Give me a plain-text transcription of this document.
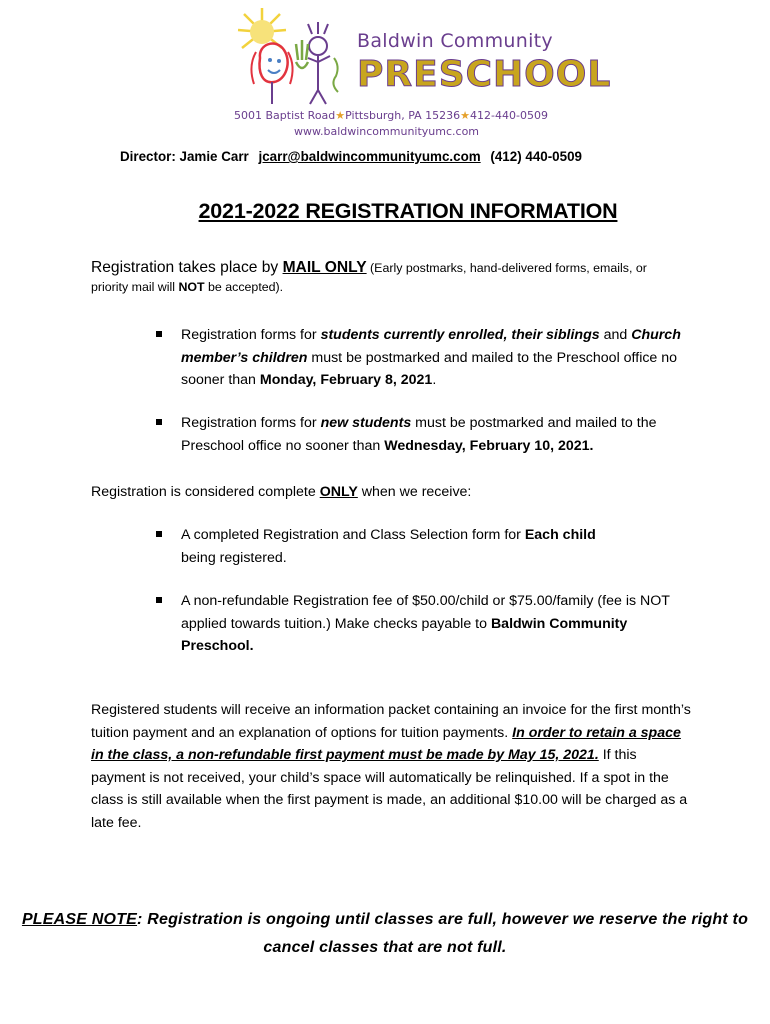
Baldwin Community
PRESCHOOL
5001 Baptist Road★Pittsburgh, PA 15236★412-440-0509
www.baldwincommunityumc.com
Director: Jamie Carr jcarr@baldwincommunityumc.com (412) 440-0509
2021-2022 REGISTRATION INFORMATION
Registration takes place by MAIL ONLY (Early postmarks, hand-delivered forms, emails, or
priority mail will NOT be accepted).
Registration forms for students currently enrolled, their siblings and Church member’s children must be postmarked and mailed to the Preschool office no sooner than Monday, February 8, 2021.
Registration forms for new students must be postmarked and mailed to the Preschool office no sooner than Wednesday, February 10, 2021.
Registration is considered complete ONLY when we receive:
A completed Registration and Class Selection form for Each child being registered.
A non-refundable Registration fee of $50.00/child or $75.00/family (fee is NOT applied towards tuition.) Make checks payable to Baldwin Community Preschool.
Registered students will receive an information packet containing an invoice for the first month’s tuition payment and an explanation of options for tuition payments. In order to retain a space in the class, a non-refundable first payment must be made by May 15, 2021. If this payment is not received, your child’s space will automatically be relinquished. If a spot in the class is still available when the first payment is made, an additional $10.00 will be charged as a late fee.
PLEASE NOTE: Registration is ongoing until classes are full, however we reserve the right to cancel classes that are not full.
